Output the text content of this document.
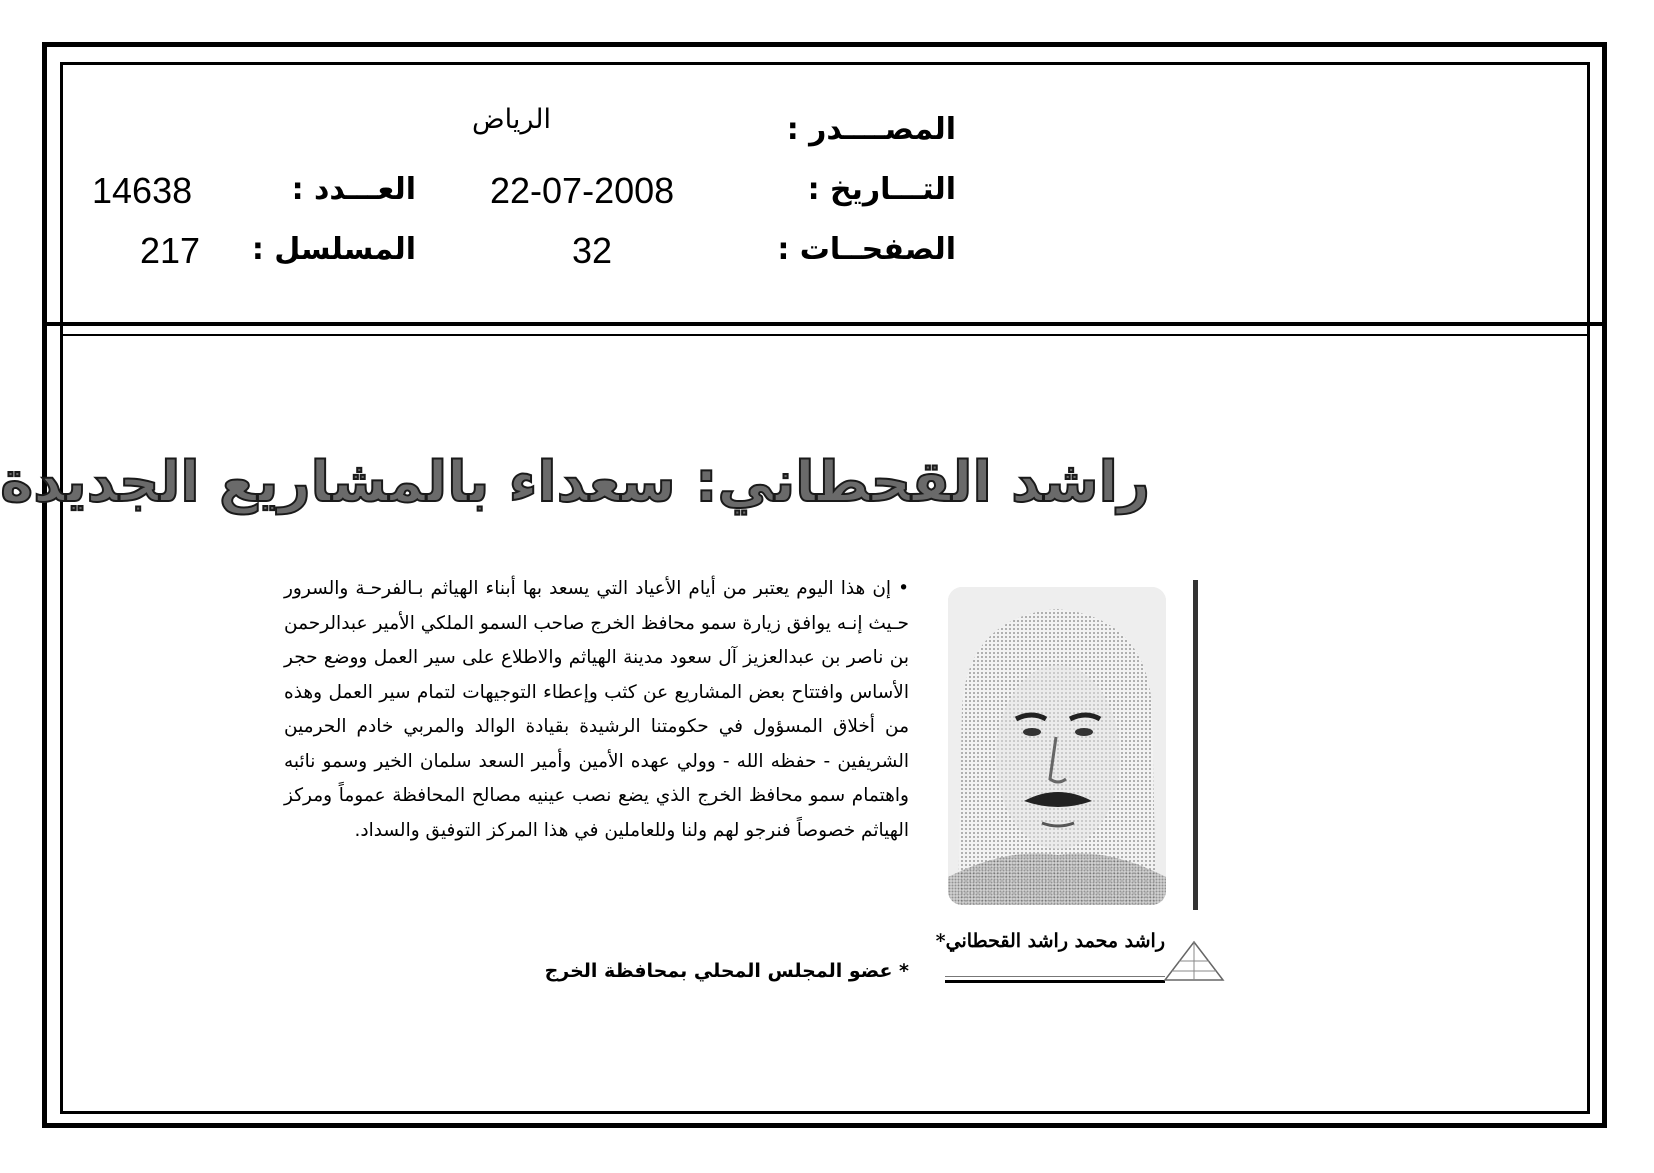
المصــــدر :
الرياض
التـــاريخ :
22-07-2008
العـــدد :
14638
الصفحــات :
32
المسلسل :
217
راشد القحطاني: سعداء بالمشاريع الجديدة

• إن هذا اليوم يعتبر من أيام الأعياد التي يسعد بها أبناء الهياثم بـالفرحـة والسرور حـيث إنـه يوافق زيارة سمو محافظ الخرج صاحب السمو الملكي الأمير عبدالرحمن بن ناصر بن عبدالعزيز آل سعود مدينة الهياثم والاطلاع على سير العمل ووضع حجر الأساس وافتتاح بعض المشاريع عن كثب وإعطاء التوجيهات لتمام سير العمل وهذه من أخلاق المسؤول في حكومتنا الرشيدة بقيادة الوالد والمربي خادم الحرمين الشريفين - حفظه الله - وولي عهده الأمين وأمير السعد سلمان الخير وسمو نائبه واهتمام سمو محافظ الخرج الذي يضع نصب عينيه مصالح المحافظة عموماً ومركز الهياثم خصوصاً فنرجو لهم ولنا وللعاملين في هذا المركز التوفيق والسداد.

* عضو المجلس المحلي بمحافظة الخرج
راشد محمد راشد القحطاني*
